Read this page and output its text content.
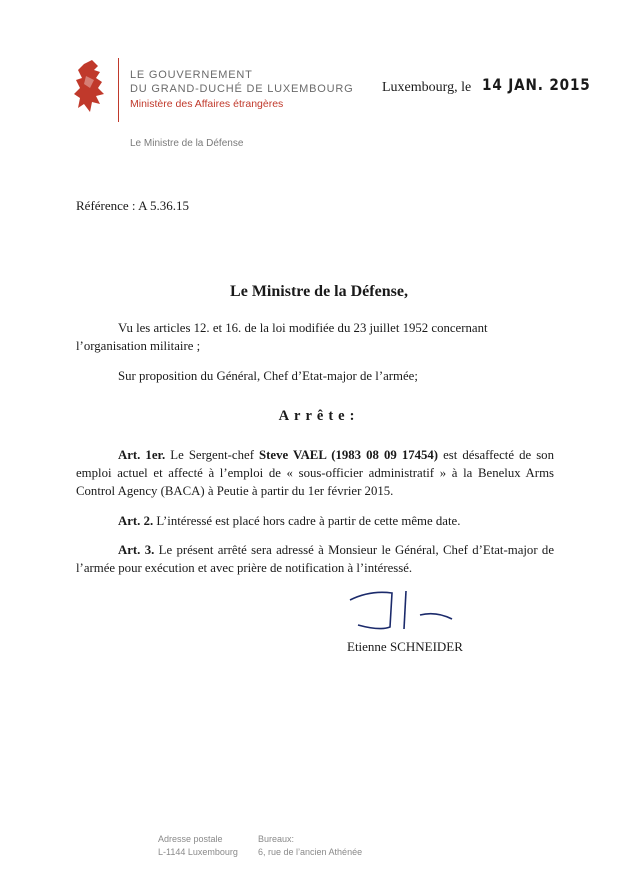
LE GOUVERNEMENT
DU GRAND-DUCHÉ DE LUXEMBOURG
Ministère des Affaires étrangères
Le Ministre de la Défense
Luxembourg, le 14 JAN. 2015
Référence : A 5.36.15
Le Ministre de la Défense,
Vu les articles 12. et 16. de la loi modifiée du 23 juillet 1952 concernant l’organisation militaire ;
Sur proposition du Général, Chef d’Etat-major de l’armée;
Arrête:
Art. 1er. Le Sergent-chef Steve VAEL (1983 08 09 17454) est désaffecté de son emploi actuel et affecté à l’emploi de « sous-officier administratif » à la Benelux Arms Control Agency (BACA) à Peutie à partir du 1er février 2015.
Art. 2. L’intéressé est placé hors cadre à partir de cette même date.
Art. 3. Le présent arrêté sera adressé à Monsieur le Général, Chef d’Etat-major de l’armée pour exécution et avec prière de notification à l’intéressé.
Etienne SCHNEIDER
Adresse postale
L-1144 Luxembourg
Bureaux:
6, rue de l’ancien Athénée
